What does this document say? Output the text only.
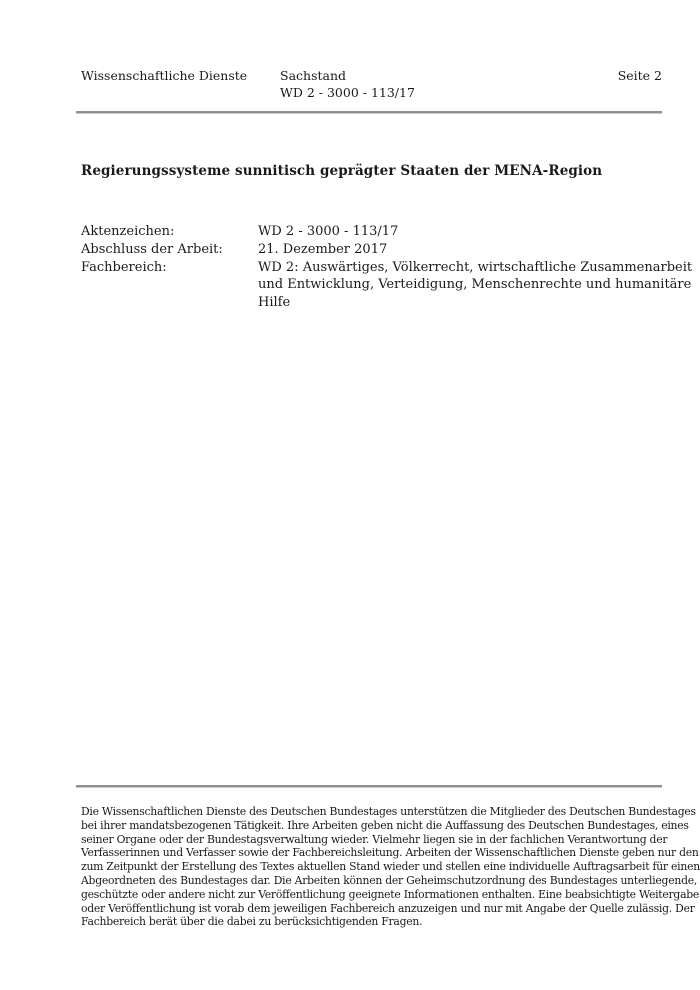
Wissenschaftliche Dienste	Sachstand
WD 2 - 3000 - 113/17
Seite 2
Regierungssysteme sunnitisch geprägter Staaten der MENA-Region
Aktenzeichen:	WD 2 - 3000 - 113/17
Abschluss der Arbeit:	21. Dezember 2017
Fachbereich:	WD 2: Auswärtiges, Völkerrecht, wirtschaftliche Zusammenarbeit
und Entwicklung, Verteidigung, Menschenrechte und humanitäre
Hilfe
Die Wissenschaftlichen Dienste des Deutschen Bundestages unterstützen die Mitglieder des Deutschen Bundestages
bei ihrer mandatsbezogenen Tätigkeit. Ihre Arbeiten geben nicht die Auffassung des Deutschen Bundestages, eines
seiner Organe oder der Bundestagsverwaltung wieder. Vielmehr liegen sie in der fachlichen Verantwortung der
Verfasserinnen und Verfasser sowie der Fachbereichsleitung. Arbeiten der Wissenschaftlichen Dienste geben nur den
zum Zeitpunkt der Erstellung des Textes aktuellen Stand wieder und stellen eine individuelle Auftragsarbeit für einen
Abgeordneten des Bundestages dar. Die Arbeiten können der Geheimschutzordnung des Bundestages unterliegende,
geschützte oder andere nicht zur Veröffentlichung geeignete Informationen enthalten. Eine beabsichtigte Weitergabe
oder Veröffentlichung ist vorab dem jeweiligen Fachbereich anzuzeigen und nur mit Angabe der Quelle zulässig. Der
Fachbereich berät über die dabei zu berücksichtigenden Fragen.
